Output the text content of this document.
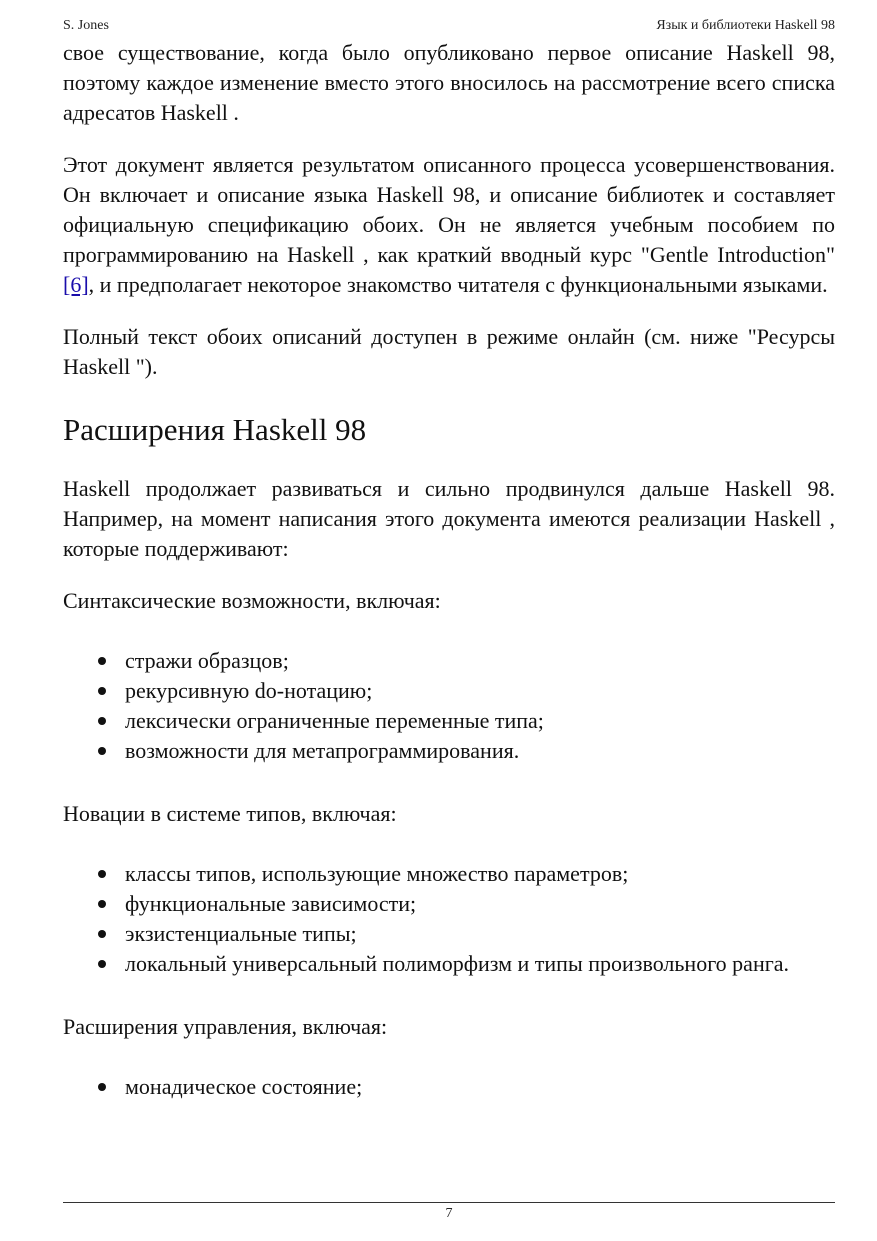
S. Jones	Язык и библиотеки Haskell 98

свое существование, когда было опубликовано первое описание Haskell 98, поэтому каждое изменение вместо этого вносилось на рассмотрение всего списка адресатов Haskell .

Этот документ является результатом описанного процесса усовершенствования. Он включает и описание языка Haskell 98, и описание библиотек и составляет официальную спецификацию обоих. Он не является учебным пособием по программированию на Haskell , как краткий вводный курс "Gentle Introduction" [6], и предполагает некоторое знакомство читателя с функциональными языками.

Полный текст обоих описаний доступен в режиме онлайн (см. ниже "Ресурсы Haskell ").

Расширения Haskell 98

Haskell продолжает развиваться и сильно продвинулся дальше Haskell 98. Например, на момент написания этого документа имеются реализации Haskell , которые поддерживают:

Синтаксические возможности, включая:

стражи образцов;
рекурсивную do-нотацию;
лексически ограниченные переменные типа;
возможности для метапрограммирования.

Новации в системе типов, включая:

классы типов, использующие множество параметров;
функциональные зависимости;
экзистенциальные типы;
локальный универсальный полиморфизм и типы произвольного ранга.

Расширения управления, включая:

монадическое состояние;
7
